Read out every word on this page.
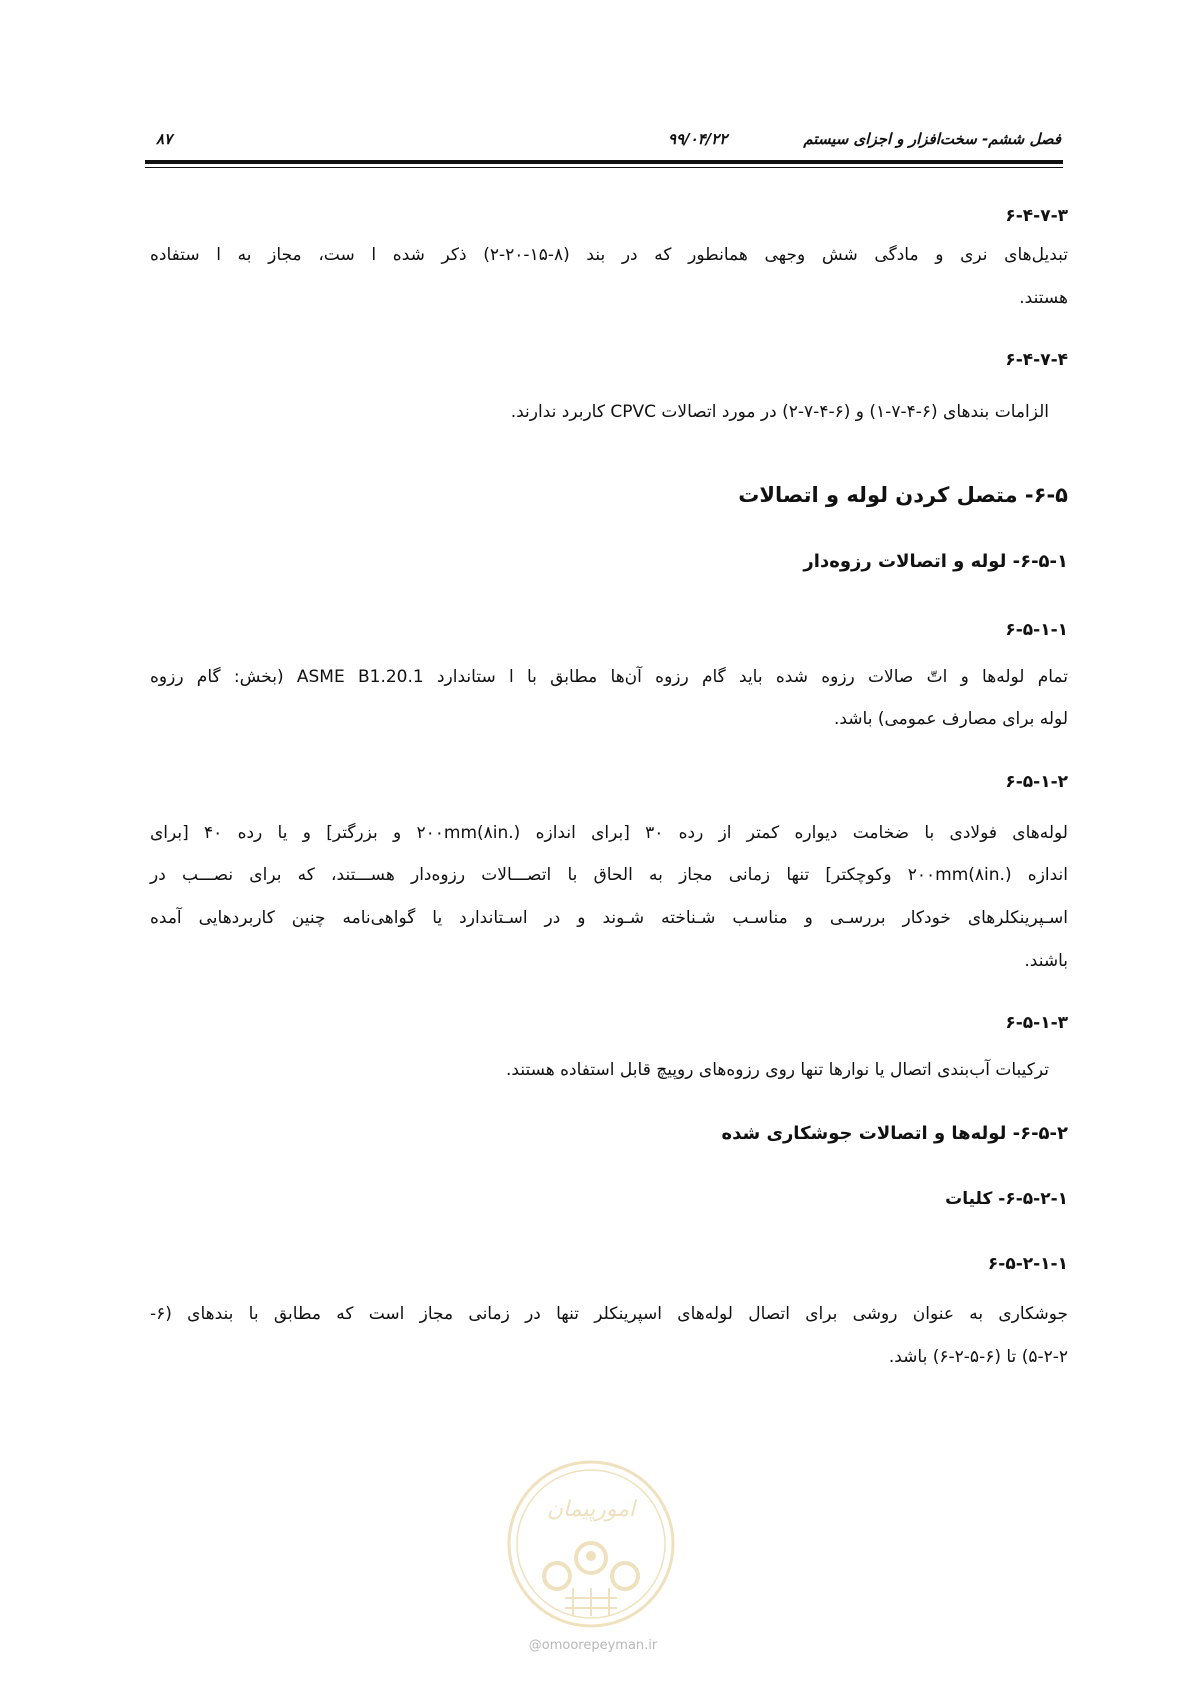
فصل ششم- سخت‌افزار و اجزای سیستم
۹۹/۰۴/۲۲
۸۷
۶-۴-۷-۳
تبدیل‌های نری و مادگی شش وجهی همانطور که در بند (۸-۱۵-۲۰-۲) ذکر شده ا ست، مجاز به ا ستفاده
هستند.
۶-۴-۷-۴
الزامات بندهای (۶-۴-۷-۱) و (۶-۴-۷-۲) در مورد اتصالات CPVC کاربرد ندارند.
۶-۵- متصل کردن لوله و اتصالات
۶-۵-۱- لوله و اتصالات رزوه‌دار
۶-۵-۱-۱
تمام لوله‌ها و اتّ صالات رزوه شده باید گام رزوه آن‌ها مطابق با ا ستاندارد ASME B1.20.1 (بخش: گام رزوه
لوله برای مصارف عمومی) باشد.
۶-۵-۱-۲
لوله‌های فولادی با ضخامت دیواره کمتر از رده ۳۰ [برای اندازه ۲۰۰mm(۸in.) و بزرگتر] و یا رده ۴۰ [برای
اندازه ۲۰۰mm(۸in.) وکوچکتر] تنها زمانی مجاز به الحاق با اتصـــالات رزوه‌دار هســـتند، که برای نصـــب در
اسـپرینکلرهای خودکار بررسـی و مناسـب شـناخته شـوند و در اسـتاندارد یا گواهی‌نامه چنین کاربردهایی آمده
باشند.
۶-۵-۱-۳
ترکیبات آب‌بندی اتصال یا نوارها تنها روی رزوه‌های روپیچ قابل استفاده هستند.
۶-۵-۲- لوله‌ها و اتصالات جوشکاری شده
۶-۵-۲-۱- کلیات
۶-۵-۲-۱-۱
جوشکاری به عنوان روشی برای اتصال لوله‌های اسپرینکلر تنها در زمانی مجاز است که مطابق با بندهای (۶-
۵-۲-۲) تا (۶-۵-۲-۶) باشد.
امورپیمان
@omoorepeyman.ir
